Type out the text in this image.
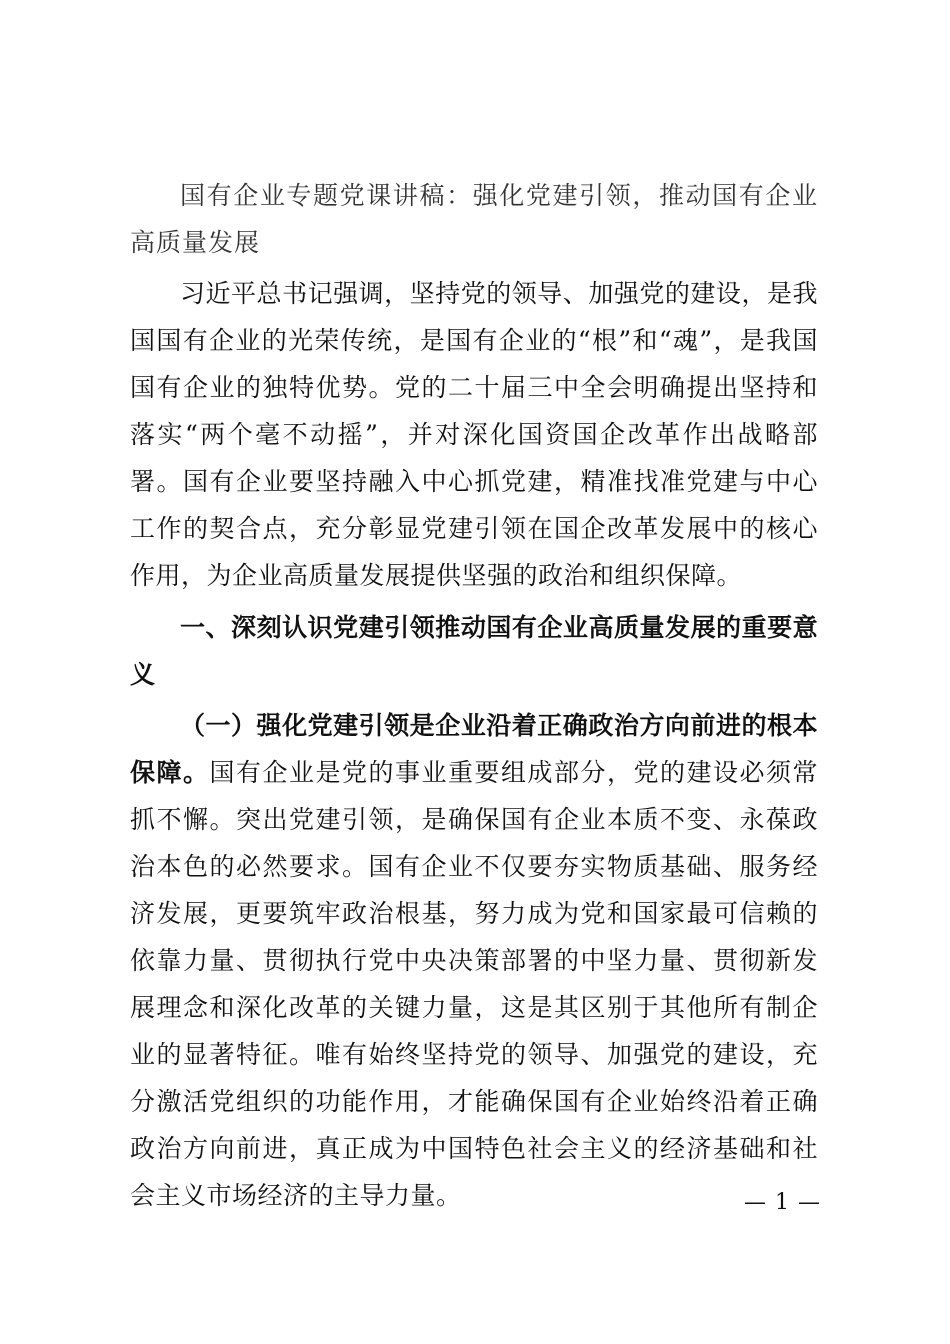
国有企业专题党课讲稿：强化党建引领，推动国有企业高质量发展

习近平总书记强调，坚持党的领导、加强党的建设，是我国国有企业的光荣传统，是国有企业的“根”和“魂”，是我国国有企业的独特优势。党的二十届三中全会明确提出坚持和落实“两个毫不动摇”，并对深化国资国企改革作出战略部署。国有企业要坚持融入中心抓党建，精准找准党建与中心工作的契合点，充分彰显党建引领在国企改革发展中的核心作用，为企业高质量发展提供坚强的政治和组织保障。

一、深刻认识党建引领推动国有企业高质量发展的重要意义

（一）强化党建引领是企业沿着正确政治方向前进的根本保障。国有企业是党的事业重要组成部分，党的建设必须常抓不懈。突出党建引领，是确保国有企业本质不变、永葆政治本色的必然要求。国有企业不仅要夯实物质基础、服务经济发展，更要筑牢政治根基，努力成为党和国家最可信赖的依靠力量、贯彻执行党中央决策部署的中坚力量、贯彻新发展理念和深化改革的关键力量，这是其区别于其他所有制企业的显著特征。唯有始终坚持党的领导、加强党的建设，充分激活党组织的功能作用，才能确保国有企业始终沿着正确政治方向前进，真正成为中国特色社会主义的经济基础和社会主义市场经济的主导力量。	— 1 —
